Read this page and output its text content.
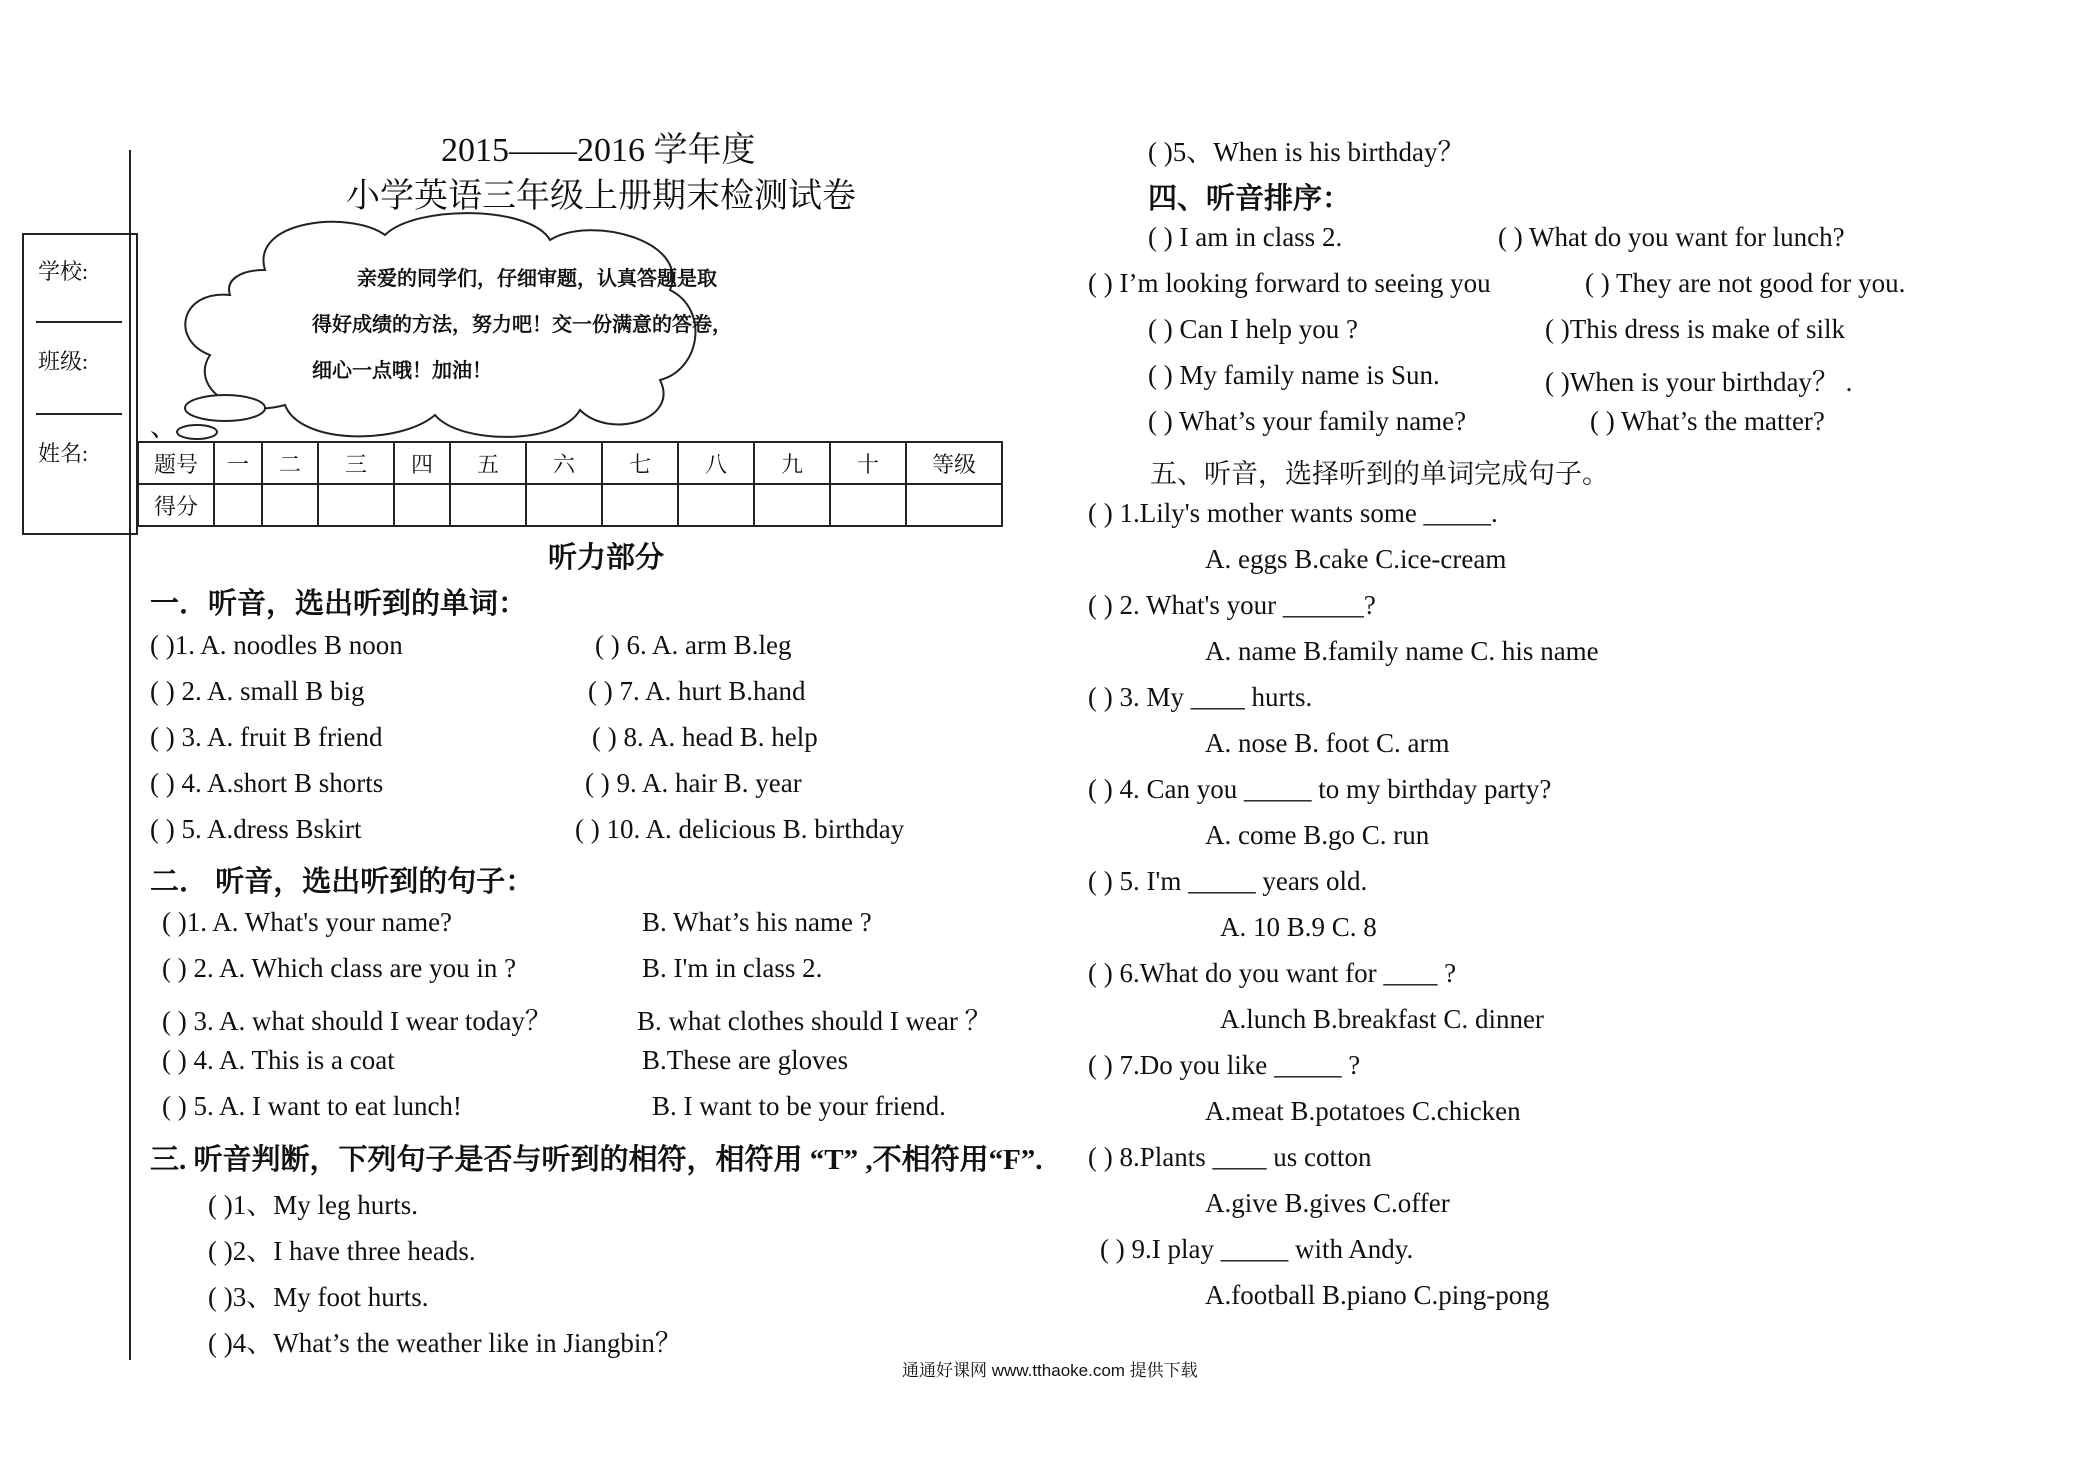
2015——2016 学年度
小学英语三年级上册期末检测试卷
亲爱的同学们，仔细审题，认真答题是取
得好成绩的方法，努力吧！交一份满意的答卷，
细心一点哦！加油！
、
学校:
班级:
姓名:	题号	一	二	三	四	五	六	七	八	九	十	等级
得分											
听力部分
一．听音，选出听到的单词：
( )1. A. noodles B noon
( ) 2. A. small B big
( ) 3. A. fruit B friend
( ) 4. A.short B shorts
( ) 5. A.dress Bskirt
( ) 6. A. arm B.leg
( ) 7. A. hurt B.hand
( ) 8. A. head B. help
( ) 9. A. hair B. year
( ) 10. A. delicious B. birthday
二． 听音，选出听到的句子：
( )1. A. What's your name?	B. What’s his name ?
( ) 2. A. Which class are you in ?	B. I'm in class 2.
( ) 3. A. what should I wear today？	B. what clothes should I wear ？
( ) 4. A. This is a coat	B.These are gloves
( ) 5. A. I want to eat lunch!	B. I want to be your friend.
三. 听音判断，下列句子是否与听到的相符，相符用 “T” ,不相符用“F”.
( )1、My leg hurts.
( )2、I have three heads.
( )3、My foot hurts.
( )4、What’s the weather like in Jiangbin？
( )5、When is his birthday？
四、听音排序：
( ) I am in class 2.	( ) What do you want for lunch?
( ) I’m looking forward to seeing you	( ) They are not good for you.
( ) Can I help you ?	( )This dress is make of silk
( ) My family name is Sun.	( )When is your birthday？ .
( ) What’s your family name?	( ) What’s the matter?
五、听音，选择听到的单词完成句子。
( ) 1.Lily's mother wants some _____.
A. eggs B.cake C.ice-cream
( ) 2. What's your ______?
A. name B.family name C. his name
( ) 3. My ____ hurts.
A. nose B. foot C. arm
( ) 4. Can you _____ to my birthday party?
A. come B.go C. run
( ) 5. I'm _____ years old.
A. 10 B.9 C. 8
( ) 6.What do you want for ____ ?
A.lunch B.breakfast C. dinner
( ) 7.Do you like _____ ?
A.meat B.potatoes C.chicken
( ) 8.Plants ____ us cotton
A.give B.gives C.offer
( ) 9.I play _____ with Andy.
A.football B.piano C.ping-pong
通通好课网 www.tthaoke.com 提供下载
